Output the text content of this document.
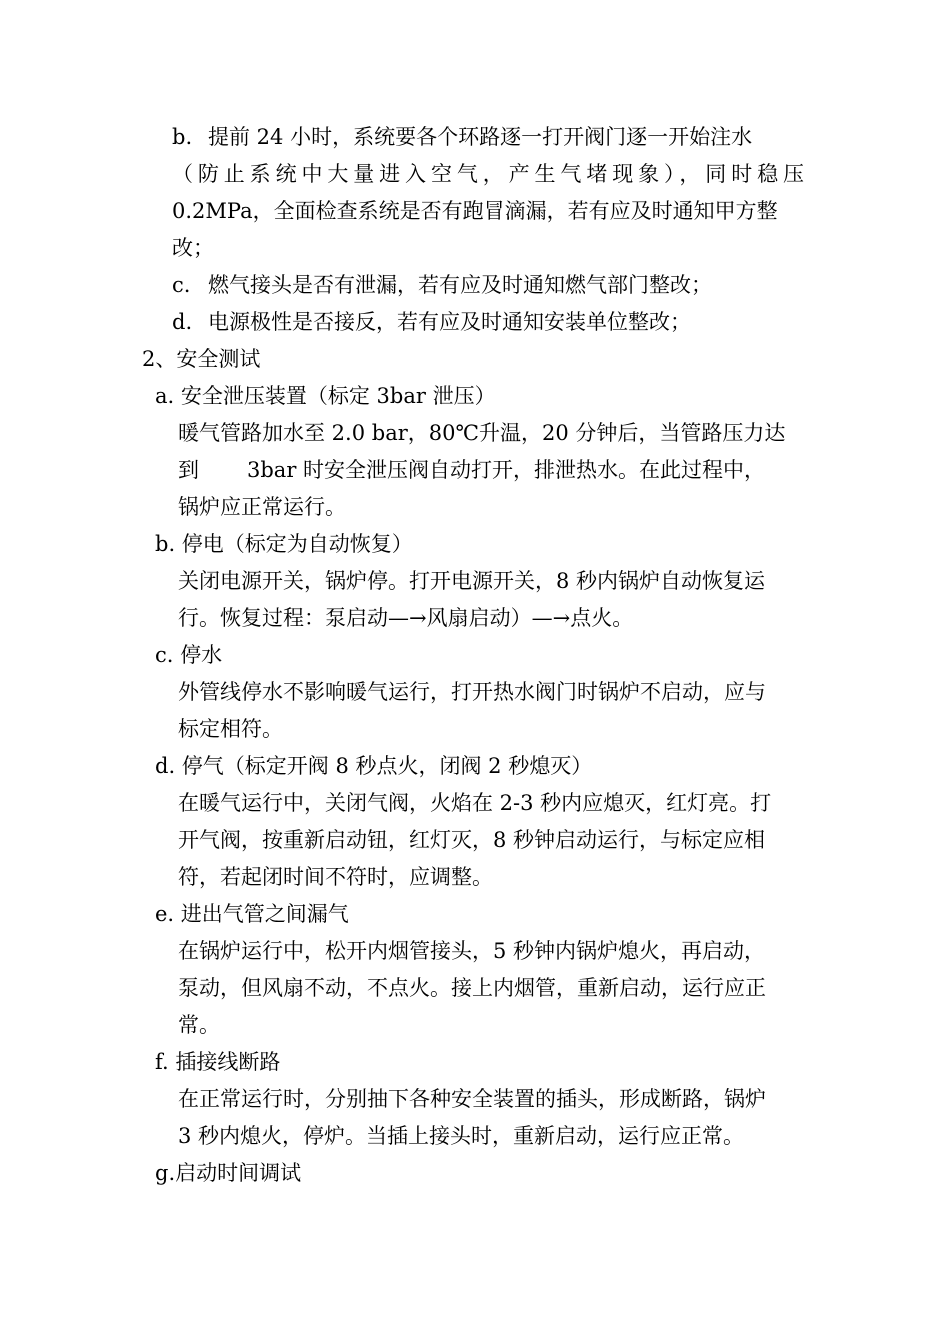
b. 提前 24 小时，系统要各个环路逐一打开阀门逐一开始注水
（防止系统中大量进入空气，产生气堵现象），同时稳压
0.2MPa，全面检查系统是否有跑冒滴漏，若有应及时通知甲方整
改；
c. 燃气接头是否有泄漏，若有应及时通知燃气部门整改；
d. 电源极性是否接反，若有应及时通知安装单位整改；
2、安全测试
a. 安全泄压装置（标定 3bar 泄压）
暖气管路加水至 2.0 bar，80℃升温，20 分钟后，当管路压力达
到 3bar 时安全泄压阀自动打开，排泄热水。在此过程中，
锅炉应正常运行。
b. 停电（标定为自动恢复）
关闭电源开关，锅炉停。打开电源开关，8 秒内锅炉自动恢复运
行。恢复过程：泵启动—→风扇启动）—→点火。
c. 停水
外管线停水不影响暖气运行，打开热水阀门时锅炉不启动，应与
标定相符。
d. 停气（标定开阀 8 秒点火，闭阀 2 秒熄灭）
在暖气运行中，关闭气阀，火焰在 2-3 秒内应熄灭，红灯亮。打
开气阀，按重新启动钮，红灯灭，8 秒钟启动运行，与标定应相
符，若起闭时间不符时，应调整。
e. 进出气管之间漏气
在锅炉运行中，松开内烟管接头，5 秒钟内锅炉熄火，再启动，
泵动，但风扇不动，不点火。接上内烟管，重新启动，运行应正
常。
f. 插接线断路
在正常运行时，分别抽下各种安全装置的插头，形成断路，锅炉
3 秒内熄火，停炉。当插上接头时，重新启动，运行应正常。
g.启动时间调试
